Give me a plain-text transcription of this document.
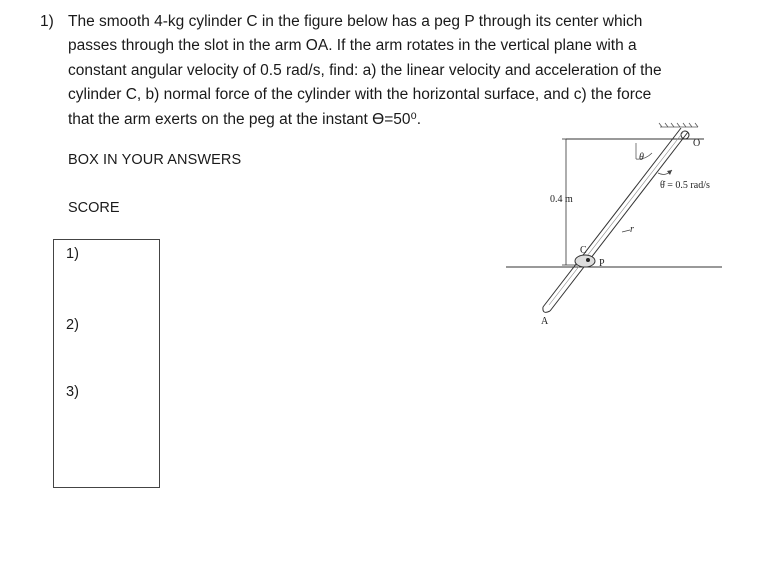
1) The smooth 4-kg cylinder C in the figure below has a peg P through its center which
passes through the slot in the arm OA. If the arm rotates in the vertical plane with a
constant angular velocity of 0.5 rad/s, find: a) the linear velocity and acceleration of the
cylinder C, b) normal force of the cylinder with the horizontal surface, and c) the force
that the arm exerts on the peg at the instant ϴ=50⁰.
BOX IN YOUR ANSWERS
SCORE
1)
2)
3)
O
0.4 m
θ
θ̇ = 0.5 rad/s
r
C
P
A
